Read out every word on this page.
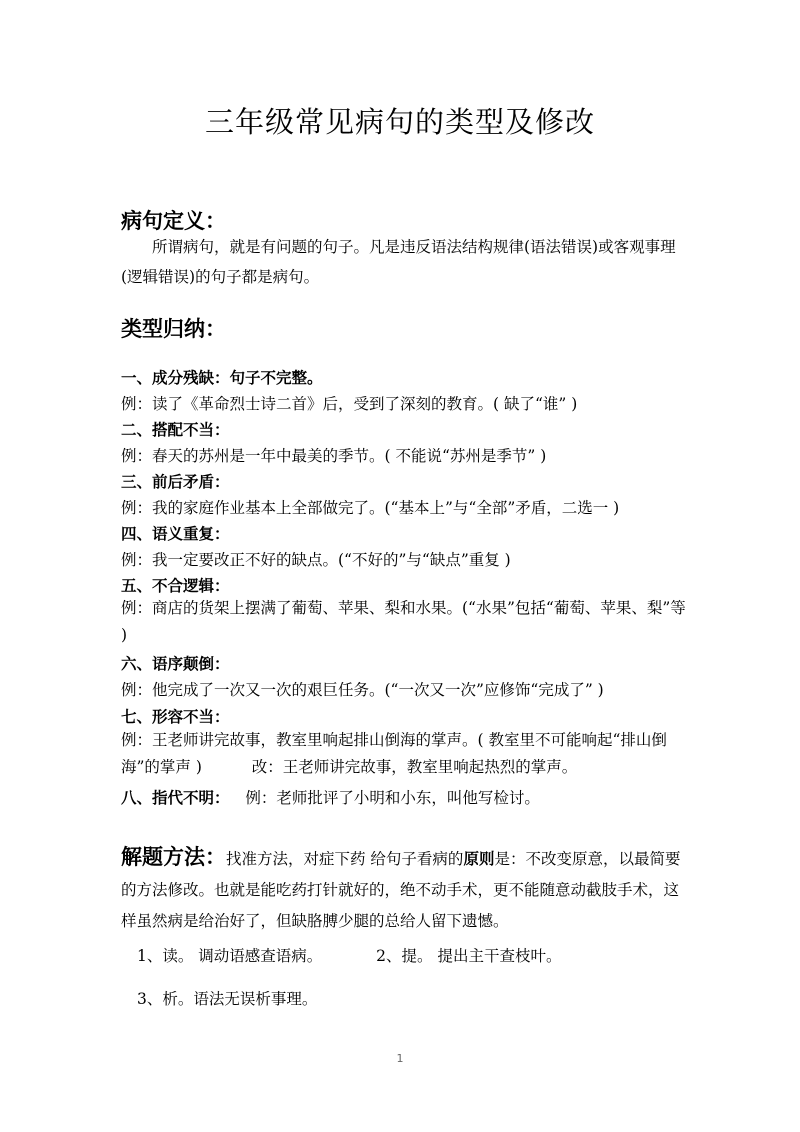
三年级常见病句的类型及修改
病句定义：
所谓病句，就是有问题的句子。凡是违反语法结构规律(语法错误)或客观事理(逻辑错误)的句子都是病句。
类型归纳：
一、成分残缺：句子不完整。
例：读了《革命烈士诗二首》后，受到了深刻的教育。( 缺了“谁” )
二、搭配不当：
例：春天的苏州是一年中最美的季节。( 不能说“苏州是季节” )
三、前后矛盾：
例：我的家庭作业基本上全部做完了。(“基本上”与“全部”矛盾，二选一 )
四、语义重复：
例：我一定要改正不好的缺点。(“不好的”与“缺点”重复 )
五、不合逻辑：
例：商店的货架上摆满了葡萄、苹果、梨和水果。(“水果”包括“葡萄、苹果、梨”等 )
六、语序颠倒：
例：他完成了一次又一次的艰巨任务。(“一次又一次”应修饰“完成了” )
七、形容不当：
例：王老师讲完故事，教室里响起排山倒海的掌声。( 教室里不可能响起“排山倒海”的掌声 )	改：王老师讲完故事，教室里响起热烈的掌声。
八、指代不明： 例：老师批评了小明和小东，叫他写检讨。
解题方法：找准方法，对症下药 给句子看病的原则是：不改变原意，以最简要的方法修改。也就是能吃药打针就好的，绝不动手术，更不能随意动截肢手术，这样虽然病是给治好了，但缺胳膊少腿的总给人留下遗憾。
1、读。 调动语感查语病。	2、提。 提出主干查枝叶。
3、析。语法无误析事理。
1
